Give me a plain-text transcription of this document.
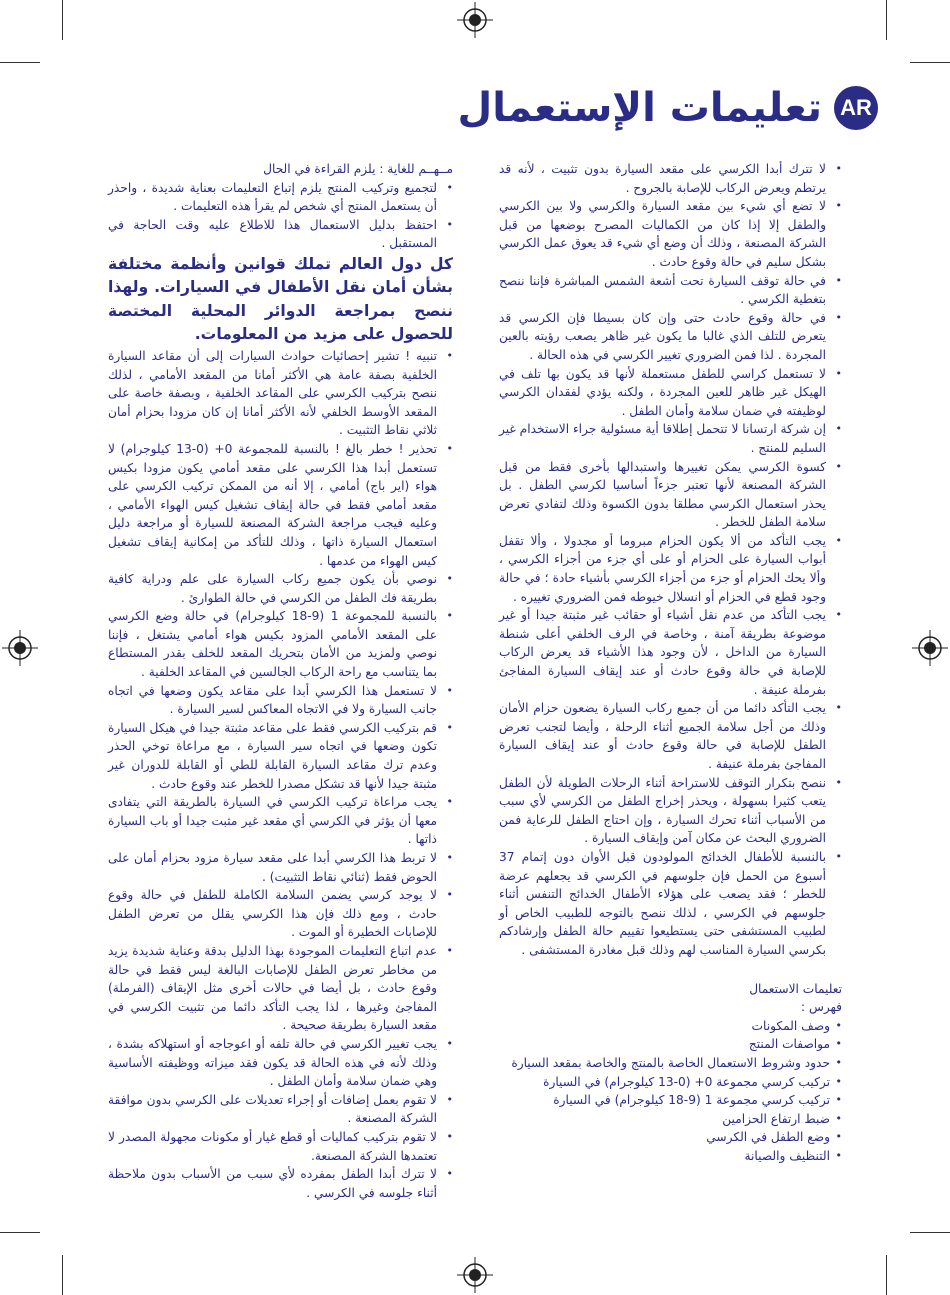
AR
تعليمات الإستعمال
• لا تترك أبدا الكرسي على مقعد السيارة بدون تثبيت ، لأنه قد يرتطم ويعرض الركاب للإصابة بالجروح .
• لا تضع أي شيء بين مقعد السيارة والكرسي ولا بين الكرسي والطفل إلا إذا كان من الكماليات المصرح بوضعها من قبل الشركة المصنعة ، وذلك أن وضع أي شيء قد يعوق عمل الكرسي بشكل سليم في حالة وقوع حادث .
• في حالة توقف السيارة تحت أشعة الشمس المباشرة فإننا ننصح بتغطية الكرسي .
• في حالة وقوع حادث حتى وإن كان بسيطا فإن الكرسي قد يتعرض للتلف الذي غالبا ما يكون غير ظاهر يصعب رؤيته بالعين المجردة . لذا فمن الضروري تغيير الكرسي في هذه الحالة .
• لا تستعمل كراسي للطفل مستعملة لأنها قد يكون بها تلف في الهيكل غير ظاهر للعين المجردة ، ولكنه يؤدي لفقدان الكرسي لوظيفته في ضمان سلامة وأمان الطفل .
• إن شركة ارتسانا لا تتحمل إطلاقا أية مسئولية جراء الاستخدام غير السليم للمنتج .
• كسوة الكرسي يمكن تغييرها واستبدالها بأخرى فقط من قبل الشركة المصنعة لأنها تعتبر جزءاً أساسيا لكرسي الطفل . بل يحذر استعمال الكرسي مطلقا بدون الكسوة وذلك لتفادي تعرض سلامة الطفل للخطر .
• يجب التأكد من ألا يكون الحزام مبروما أو مجدولا ، وألا تقفل أبواب السيارة على الحزام أو على أي جزء من أجزاء الكرسي ، وألا يحك الحزام أو جزء من أجزاء الكرسي بأشياء حادة ؛ في حالة وجود قطع في الحزام أو انسلال خيوطه فمن الضروري تغييره .
• يجب التأكد من عدم نقل أشياء أو حقائب غير مثبتة جيدا أو غير موضوعة بطريقة آمنة ، وخاصة في الرف الخلفي أعلى شنطة السيارة من الداخل ، لأن وجود هذا الأشياء قد يعرض الركاب للإصابة في حالة وقوع حادث أو عند إيقاف السيارة المفاجئ بفرملة عنيفة .
• يجب التأكد دائما من أن جميع ركاب السيارة يضعون حزام الأمان وذلك من أجل سلامة الجميع أثناء الرحلة ، وأيضا لتجنب تعرض الطفل للإصابة في حالة وقوع حادث أو عند إيقاف السيارة المفاجئ بفرملة عنيفة .
• ننصح بتكرار التوقف للاستراحة أثناء الرحلات الطويلة لأن الطفل يتعب كثيرا بسهولة ، ويحذر إخراج الطفل من الكرسي لأي سبب من الأسباب أثناء تحرك السيارة ، وإن احتاج الطفل للرعاية فمن الضروري البحث عن مكان آمن وإيقاف السيارة .
• بالنسبة للأطفال الخدائج المولودون قبل الأوان دون إتمام 37 أسبوع من الحمل فإن جلوسهم في الكرسي قد يجعلهم عرضة للخطر ؛ فقد يصعب على هؤلاء الأطفال الخدائج التنفس أثناء جلوسهم في الكرسي ، لذلك ننصح بالتوجه للطبيب الخاص أو لطبيب المستشفى حتى يستطيعوا تقييم حالة الطفل وإرشادكم بكرسي السيارة المناسب لهم وذلك قبل مغادرة المستشفى .

تعليمات الاستعمال

فهرس :

• وصف المكونات
• مواصفات المنتج
• حدود وشروط الاستعمال الخاصة بالمنتج والخاصة بمقعد السيارة
• تركيب كرسي مجموعة 0+ (0-13 كيلوجرام) في السيارة
• تركيب كرسي مجموعة 1 (9-18 كيلوجرام) في السيارة
• ضبط ارتفاع الحزامين
• وضع الطفل في الكرسي
• التنظيف والصيانة

مــهــم للغاية : يلزم القراءة في الحال

• لتجميع وتركيب المنتج يلزم إتباع التعليمات بعناية شديدة ، واحذر أن يستعمل المنتج أي شخص لم يقرأ هذه التعليمات .
• احتفظ بدليل الاستعمال هذا للاطلاع عليه وقت الحاجة في المستقبل .

كل دول العالم تملك قوانين وأنظمة مختلفة بشأن أمان نقل الأطفال في السيارات. ولهذا ننصح بمراجعة الدوائر المحلية المختصة للحصول على مزيد من المعلومات.

• تنبيه ! تشير إحصائيات حوادث السيارات إلى أن مقاعد السيارة الخلفية بصفة عامة هي الأكثر أمانا من المقعد الأمامي ، لذلك ننصح بتركيب الكرسي على المقاعد الخلفية ، وبصفة خاصة على المقعد الأوسط الخلفي لأنه الأكثر أمانا إن كان مزودا بحزام أمان ثلاثي نقاط التثبيت .
• تحذير ! خطر بالغ ! بالنسبة للمجموعة 0+ (0-13 كيلوجرام) لا تستعمل أبدا هذا الكرسي على مقعد أمامي يكون مزودا بكيس هواء (اير باج) أمامي ، إلا أنه من الممكن تركيب الكرسي على مقعد أمامي فقط في حالة إيقاف تشغيل كيس الهواء الأمامي ، وعليه فيجب مراجعة الشركة المصنعة للسيارة أو مراجعة دليل استعمال السيارة ذاتها ، وذلك للتأكد من إمكانية إيقاف تشغيل كيس الهواء من عدمها .
• نوصي بأن يكون جميع ركاب السيارة على علم ودراية كافية بطريقة فك الطفل من الكرسي في حالة الطوارئ .
• بالنسبة للمجموعة 1 (9-18 كيلوجرام) في حالة وضع الكرسي على المقعد الأمامي المزود بكيس هواء أمامي يشتغل ، فإننا نوصي ولمزيد من الأمان بتحريك المقعد للخلف بقدر المستطاع بما يتناسب مع راحة الركاب الجالسين في المقاعد الخلفية .
• لا تستعمل هذا الكرسي أبدا على مقاعد يكون وضعها في اتجاه جانب السيارة ولا في الاتجاه المعاكس لسير السيارة .
• قم بتركيب الكرسي فقط على مقاعد مثبتة جيدا في هيكل السيارة تكون وضعها في اتجاه سير السيارة ، مع مراعاة توخي الحذر وعدم ترك مقاعد السيارة القابلة للطي أو القابلة للدوران غير مثبتة جيدا لأنها قد تشكل مصدرا للخطر عند وقوع حادث .
• يجب مراعاة تركيب الكرسي في السيارة بالطريقة التي يتفادى معها أن يؤثر في الكرسي أي مقعد غير مثبت جيدا أو باب السيارة ذاتها .
• لا تربط هذا الكرسي أبدا على مقعد سيارة مزود بحزام أمان على الحوض فقط (ثنائي نقاط التثبيت) .
• لا يوجد كرسي يضمن السلامة الكاملة للطفل في حالة وقوع حادث ، ومع ذلك فإن هذا الكرسي يقلل من تعرض الطفل للإصابات الخطيرة أو الموت .
• عدم اتباع التعليمات الموجودة بهذا الدليل بدقة وعناية شديدة يزيد من مخاطر تعرض الطفل للإصابات البالغة ليس فقط في حالة وقوع حادث ، بل أيضا في حالات أخرى مثل الإيقاف (الفرملة) المفاجئ وغيرها ، لذا يجب التأكد دائما من تثبيت الكرسي في مقعد السيارة بطريقة صحيحة .
• يجب تغيير الكرسي في حالة تلفه أو اعوجاجه أو استهلاكه بشدة ، وذلك لأنه في هذه الحالة قد يكون فقد ميزاته ووظيفته الأساسية وهي ضمان سلامة وأمان الطفل .
• لا تقوم بعمل إضافات أو إجراء تعديلات على الكرسي بدون موافقة الشركة المصنعة .
• لا تقوم بتركيب كماليات أو قطع غيار أو مكونات مجهولة المصدر لا تعتمدها الشركة المصنعة.
• لا تترك أبدا الطفل بمفرده لأي سبب من الأسباب بدون ملاحظة أثناء جلوسه في الكرسي .
